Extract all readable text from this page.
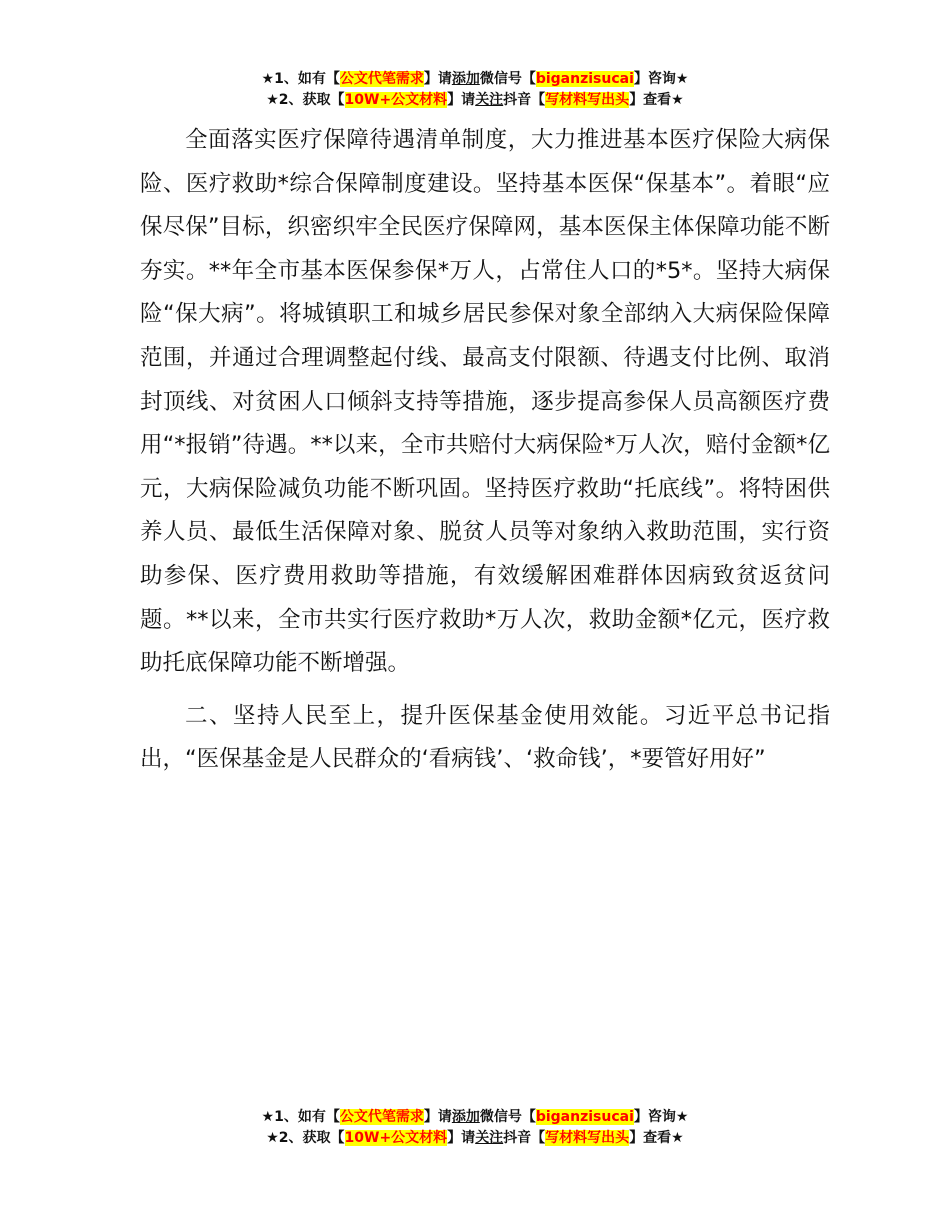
★1、如有【公文代笔需求】请添加微信号【biganzisucai】咨询★
★2、获取【10W+公文材料】请关注抖音【写材料写出头】查看★

全面落实医疗保障待遇清单制度，大力推进基本医疗保险大病保险、医疗救助*综合保障制度建设。坚持基本医保“保基本”。着眼“应保尽保”目标，织密织牢全民医疗保障网，基本医保主体保障功能不断夯实。**年全市基本医保参保*万人，占常住人口的*5*。坚持大病保险“保大病”。将城镇职工和城乡居民参保对象全部纳入大病保险保障范围，并通过合理调整起付线、最高支付限额、待遇支付比例、取消封顶线、对贫困人口倾斜支持等措施，逐步提高参保人员高额医疗费用“*报销”待遇。**以来，全市共赔付大病保险*万人次，赔付金额*亿元，大病保险减负功能不断巩固。坚持医疗救助“托底线”。将特困供养人员、最低生活保障对象、脱贫人员等对象纳入救助范围，实行资助参保、医疗费用救助等措施，有效缓解困难群体因病致贫返贫问题。**以来，全市共实行医疗救助*万人次，救助金额*亿元，医疗救助托底保障功能不断增强。

二、坚持人民至上，提升医保基金使用效能。习近平总书记指出，“医保基金是人民群众的‘看病钱’、‘救命钱’，*要管好用好”

★1、如有【公文代笔需求】请添加微信号【biganzisucai】咨询★
★2、获取【10W+公文材料】请关注抖音【写材料写出头】查看★
